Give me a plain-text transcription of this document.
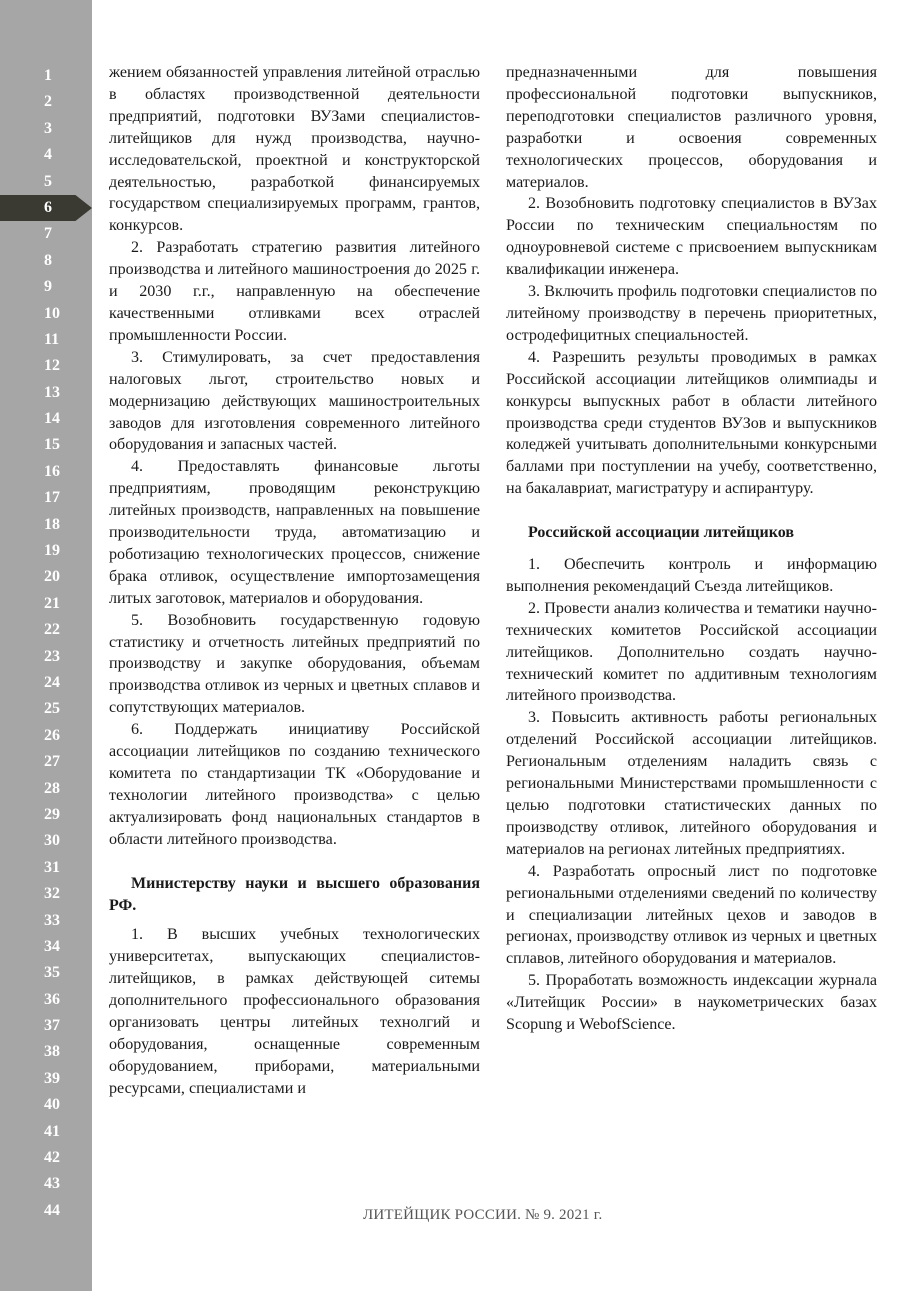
1
2
3
4
5
6
7
8
9
10
11
12
13
14
15
16
17
18
19
20
21
22
23
24
25
26
27
28
29
30
31
32
33
34
35
36
37
38
39
40
41
42
43
44

жением обязанностей управления литейной отраслью в областях производственной деятельности предприятий, подготовки ВУЗами специалистов-литейщиков для нужд производства, научно-исследовательской, проектной и конструкторской деятельностью, разработкой финансируемых государством специализируемых программ, грантов, конкурсов.

2. Разработать стратегию развития литейного производства и литейного машиностроения до 2025 г. и 2030 г.г., направленную на обеспечение качественными отливками всех отраслей промышленности России.

3. Стимулировать, за счет предоставления налоговых льгот, строительство новых и модернизацию действующих машиностроительных заводов для изготовления современного литейного оборудования и запасных частей.

4. Предоставлять финансовые льготы предприятиям, проводящим реконструкцию литейных производств, направленных на повышение производительности труда, автоматизацию и роботизацию технологических процессов, снижение брака отливок, осуществление импортозамещения литых заготовок, материалов и оборудования.

5. Возобновить государственную годовую статистику и отчетность литейных предприятий по производству и закупке оборудования, объемам производства отливок из черных и цветных сплавов и сопутствующих материалов.

6. Поддержать инициативу Российской ассоциации литейщиков по созданию технического комитета по стандартизации ТК «Оборудование и технологии литейного производства» с целью актуализировать фонд национальных стандартов в области литейного производства.

Министерству науки и высшего образования РФ.

1. В высших учебных технологических университетах, выпускающих специалистов-литейщиков, в рамках действующей ситемы дополнительного профессионального образования организовать центры литейных технолгий и оборудования, оснащенные современным оборудованием, приборами, материальными ресурсами, специалистами и

предназначенными для повышения профессиональной подготовки выпускников, переподготовки специалистов различного уровня, разработки и освоения современных технологических процессов, оборудования и материалов.

2. Возобновить подготовку специалистов в ВУЗах России по техническим специальностям по одноуровневой системе с присвоением выпускникам квалификации инженера.

3. Включить профиль подготовки специалистов по литейному производству в перечень приоритетных, остродефицитных специальностей.

4. Разрешить результы проводимых в рамках Российской ассоциации литейщиков олимпиады и конкурсы выпускных работ в области литейного производства среди студентов ВУЗов и выпускников коледжей учитывать дополнительными конкурсными баллами при поступлении на учебу, соответственно, на бакалавриат, магистратуру и аспирантуру.

Российской ассоциации литейщиков

1. Обеспечить контроль и информацию выполнения рекомендаций Съезда литейщиков.

2. Провести анализ количества и тематики научно-технических комитетов Российской ассоциации литейщиков. Дополнительно создать научно-технический комитет по аддитивным технологиям литейного производства.

3. Повысить активность работы региональных отделений Российской ассоциации литейщиков. Региональным отделениям наладить связь с региональными Министерствами промышленности с целью подготовки статистических данных по производству отливок, литейного оборудования и материалов на регионах литейных предприятиях.

4. Разработать опросный лист по подготовке региональными отделениями сведений по количеству и специализации литейных цехов и заводов в регионах, производству отливок из черных и цветных сплавов, литейного оборудования и материалов.

5. Проработать возможность индексации журнала «Литейщик России» в наукометрических базах Scopung и WebofScience.

ЛИТЕЙЩИК РОССИИ. № 9. 2021 г.
